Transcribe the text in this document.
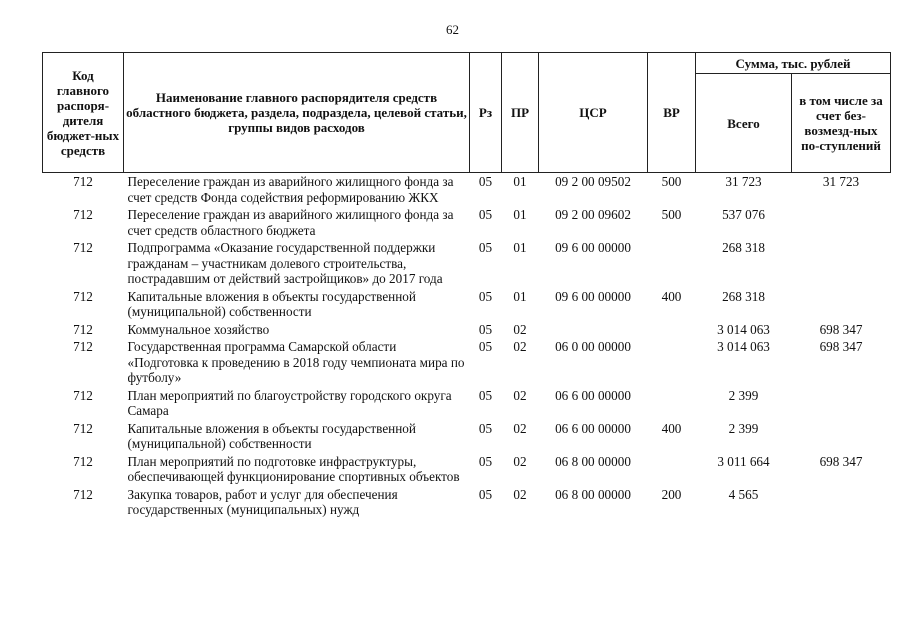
62
Код главного распоря-дителя бюджет-ных средств	Наименование главного распорядителя средств областного бюджета, раздела, подраздела, целевой статьи, группы видов расходов	Рз	ПР	ЦСР	ВР	Сумма, тыс. рублей	
						Всего	в том числе за счет без-возмезд-ных по-ступлений
712	Переселение граждан из аварийного жилищного фонда за счет средств Фонда содействия реформированию ЖКХ	05	01	09 2 00 09502	500	31 723	31 723
712	Переселение граждан из аварийного жилищного фонда за счет средств областного бюджета	05	01	09 2 00 09602	500	537 076	
712	Подпрограмма «Оказание государственной поддержки гражданам – участникам долевого строительства, пострадавшим от действий застройщиков» до 2017 года	05	01	09 6 00 00000		268 318	
712	Капитальные вложения в объекты государственной (муниципальной) собственности	05	01	09 6 00 00000	400	268 318	
712	Коммунальное хозяйство	05	02			3 014 063	698 347
712	Государственная программа Самарской области «Подготовка к проведению в 2018 году чемпионата мира по футболу»	05	02	06 0 00 00000		3 014 063	698 347
712	План мероприятий по благоустройству городского округа Самара	05	02	06 6 00 00000		2 399	
712	Капитальные вложения в объекты государственной (муниципальной) собственности	05	02	06 6 00 00000	400	2 399	
712	План мероприятий по подготовке инфраструктуры, обеспечивающей функционирование спортивных объектов	05	02	06 8 00 00000		3 011 664	698 347
712	Закупка товаров, работ и услуг для обеспечения государственных (муниципальных) нужд	05	02	06 8 00 00000	200	4 565	
